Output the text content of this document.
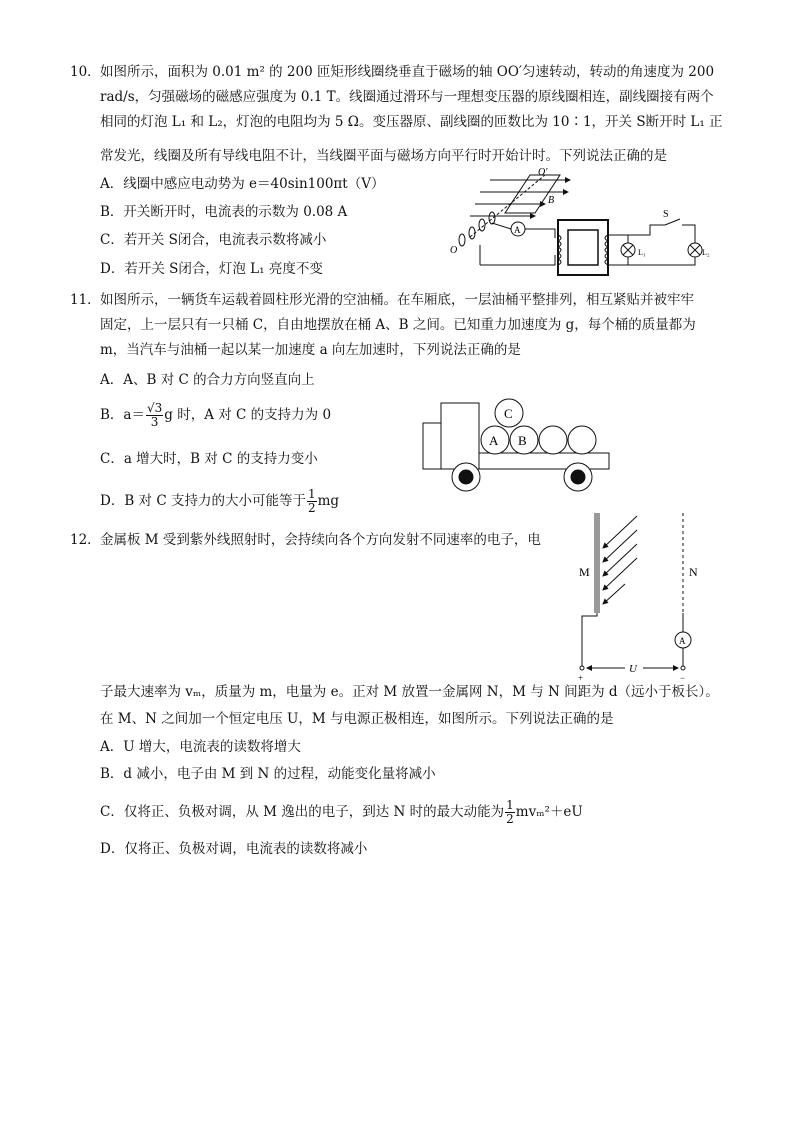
10． 如图所示，面积为 0.01 m² 的 200 匝矩形线圈绕垂直于磁场的轴 OO′匀速转动，转动的角速度为 200
rad/s，匀强磁场的磁感应强度为 0.1 T。线圈通过滑环与一理想变压器的原线圈相连，副线圈接有两个
相同的灯泡 L₁ 和 L₂，灯泡的电阻均为 5 Ω。变压器原、副线圈的匝数比为 10∶1，开关 S断开时 L₁ 正
常发光，线圈及所有导线电阻不计，当线圈平面与磁场方向平行时开始计时。下列说法正确的是
A．线圈中感应电动势为 e＝40sin100πt（V）
B．开关断开时，电流表的示数为 0.08 A
C．若开关 S闭合，电流表示数将减小
D．若开关 S闭合，灯泡 L₁ 亮度不变
O′
B
O
A
S
L₁	L₂
11． 如图所示，一辆货车运载着圆柱形光滑的空油桶。在车厢底，一层油桶平整排列，相互紧贴并被牢牢
固定，上一层只有一只桶 C，自由地摆放在桶 A、B 之间。已知重力加速度为 g，每个桶的质量都为
m，当汽车与油桶一起以某一加速度 a 向左加速时，下列说法正确的是
A．A、B 对 C 的合力方向竖直向上
B．$a= \frac{√3}{3}$ g 时，A 对 C 的支持力为 0
C．a 增大时，B 对 C 的支持力变小
D．B 对 C 支持力的大小可能等于 $\frac{1}{2}$ mg
C
A B
12． 金属板 M 受到紫外线照射时，会持续向各个方向发射不同速率的电子，电
子最大速率为 vₘ，质量为 m，电量为 e。正对 M 放置一金属网 N，M 与 N 间距为 d（远小于板长）。
在 M、N 之间加一个恒定电压 U，M 与电源正极相连，如图所示。下列说法正确的是
A．U 增大，电流表的读数将增大
B．d 减小，电子由 M 到 N 的过程，动能变化量将减小
C．仅将正、负极对调，从 M 逸出的电子，到达 N 时的最大动能为 $\frac{1}{2} mv_m^2+eU$
D．仅将正、负极对调，电流表的读数将减小
M	N
A
+	−
U
